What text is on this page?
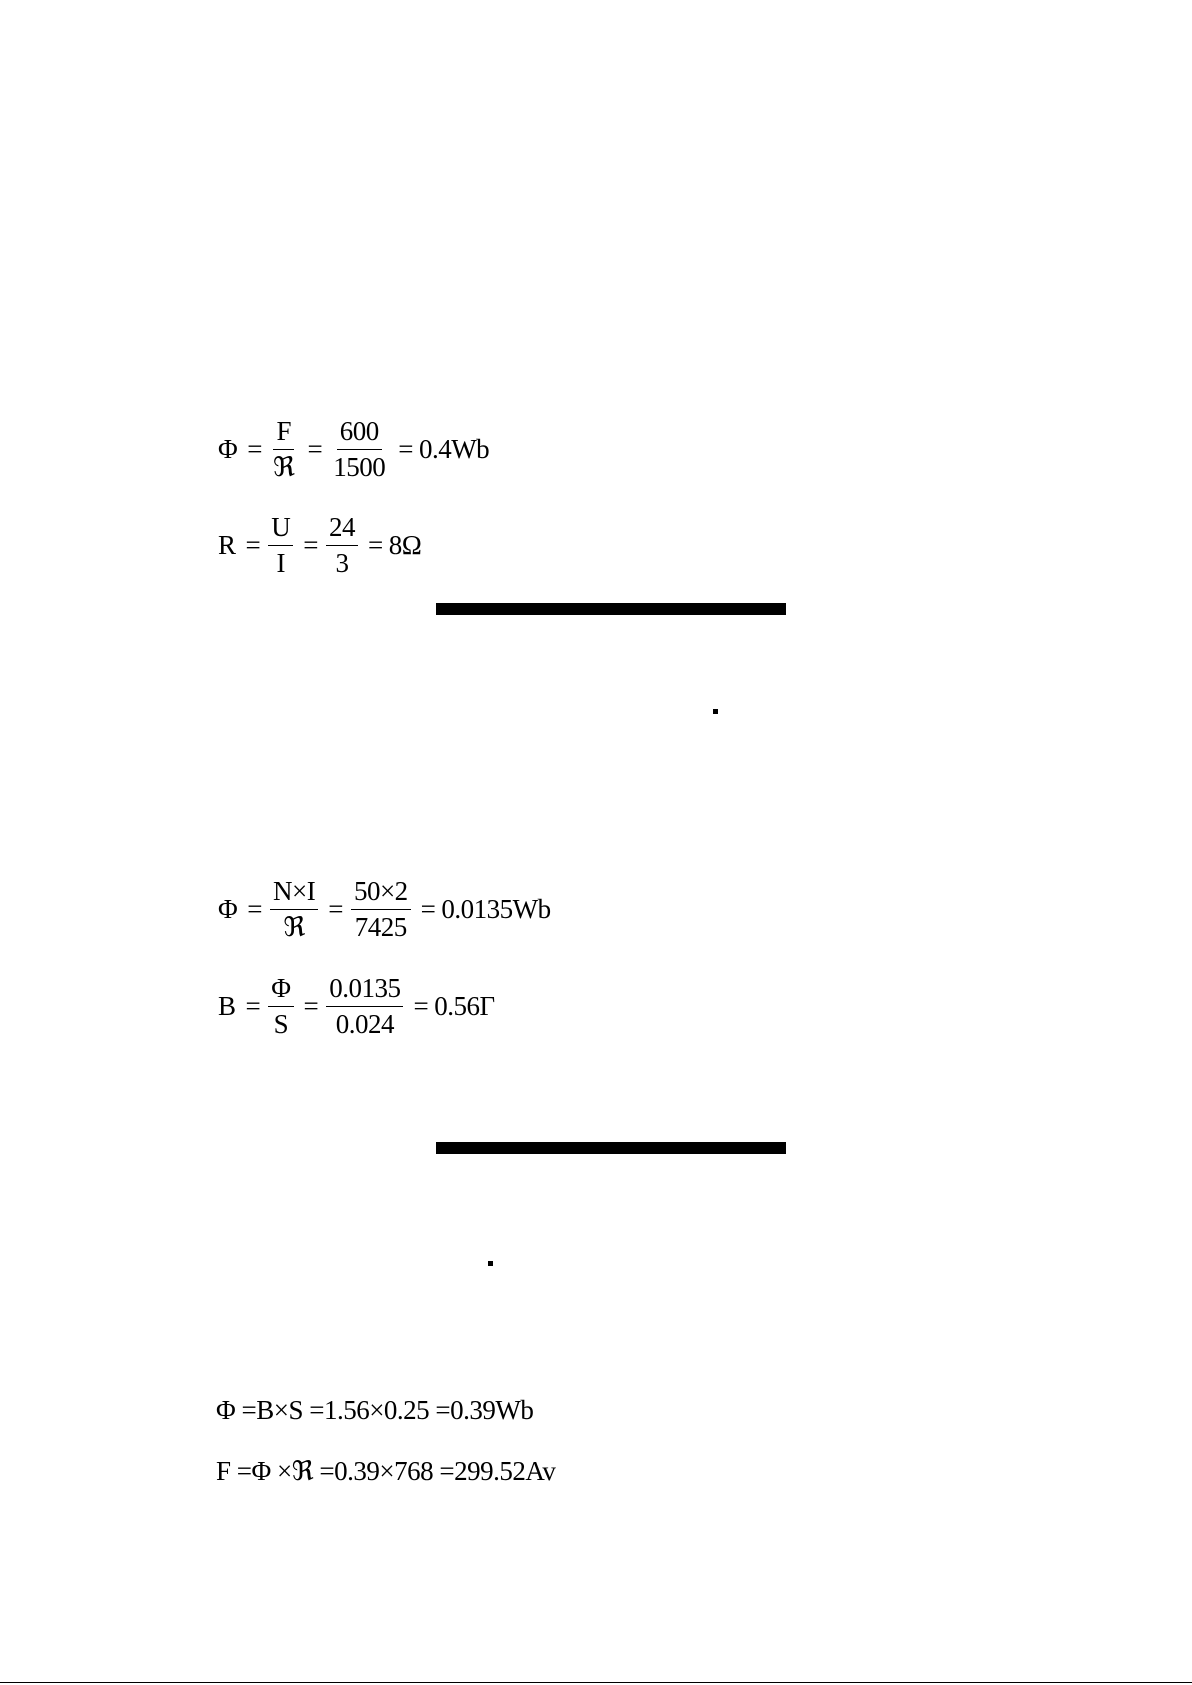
$\Phi = \frac{F}{\text{ℜ}} = \frac{600}{1500} = 0.4Wb$
$R = \frac{U}{I} = \frac{24}{3} = 8\Omega$
$\Phi = \frac{N\times I}{\text{ℜ}} = \frac{50\times 2}{7425} = 0.0135Wb$
$B = \frac{\Phi}{S} = \frac{0.0135}{0.024} = 0.56Г$
Φ =B×S =1.56×0.25 =0.39Wb
F =Φ ×ℜ =0.39×768 =299.52Av
